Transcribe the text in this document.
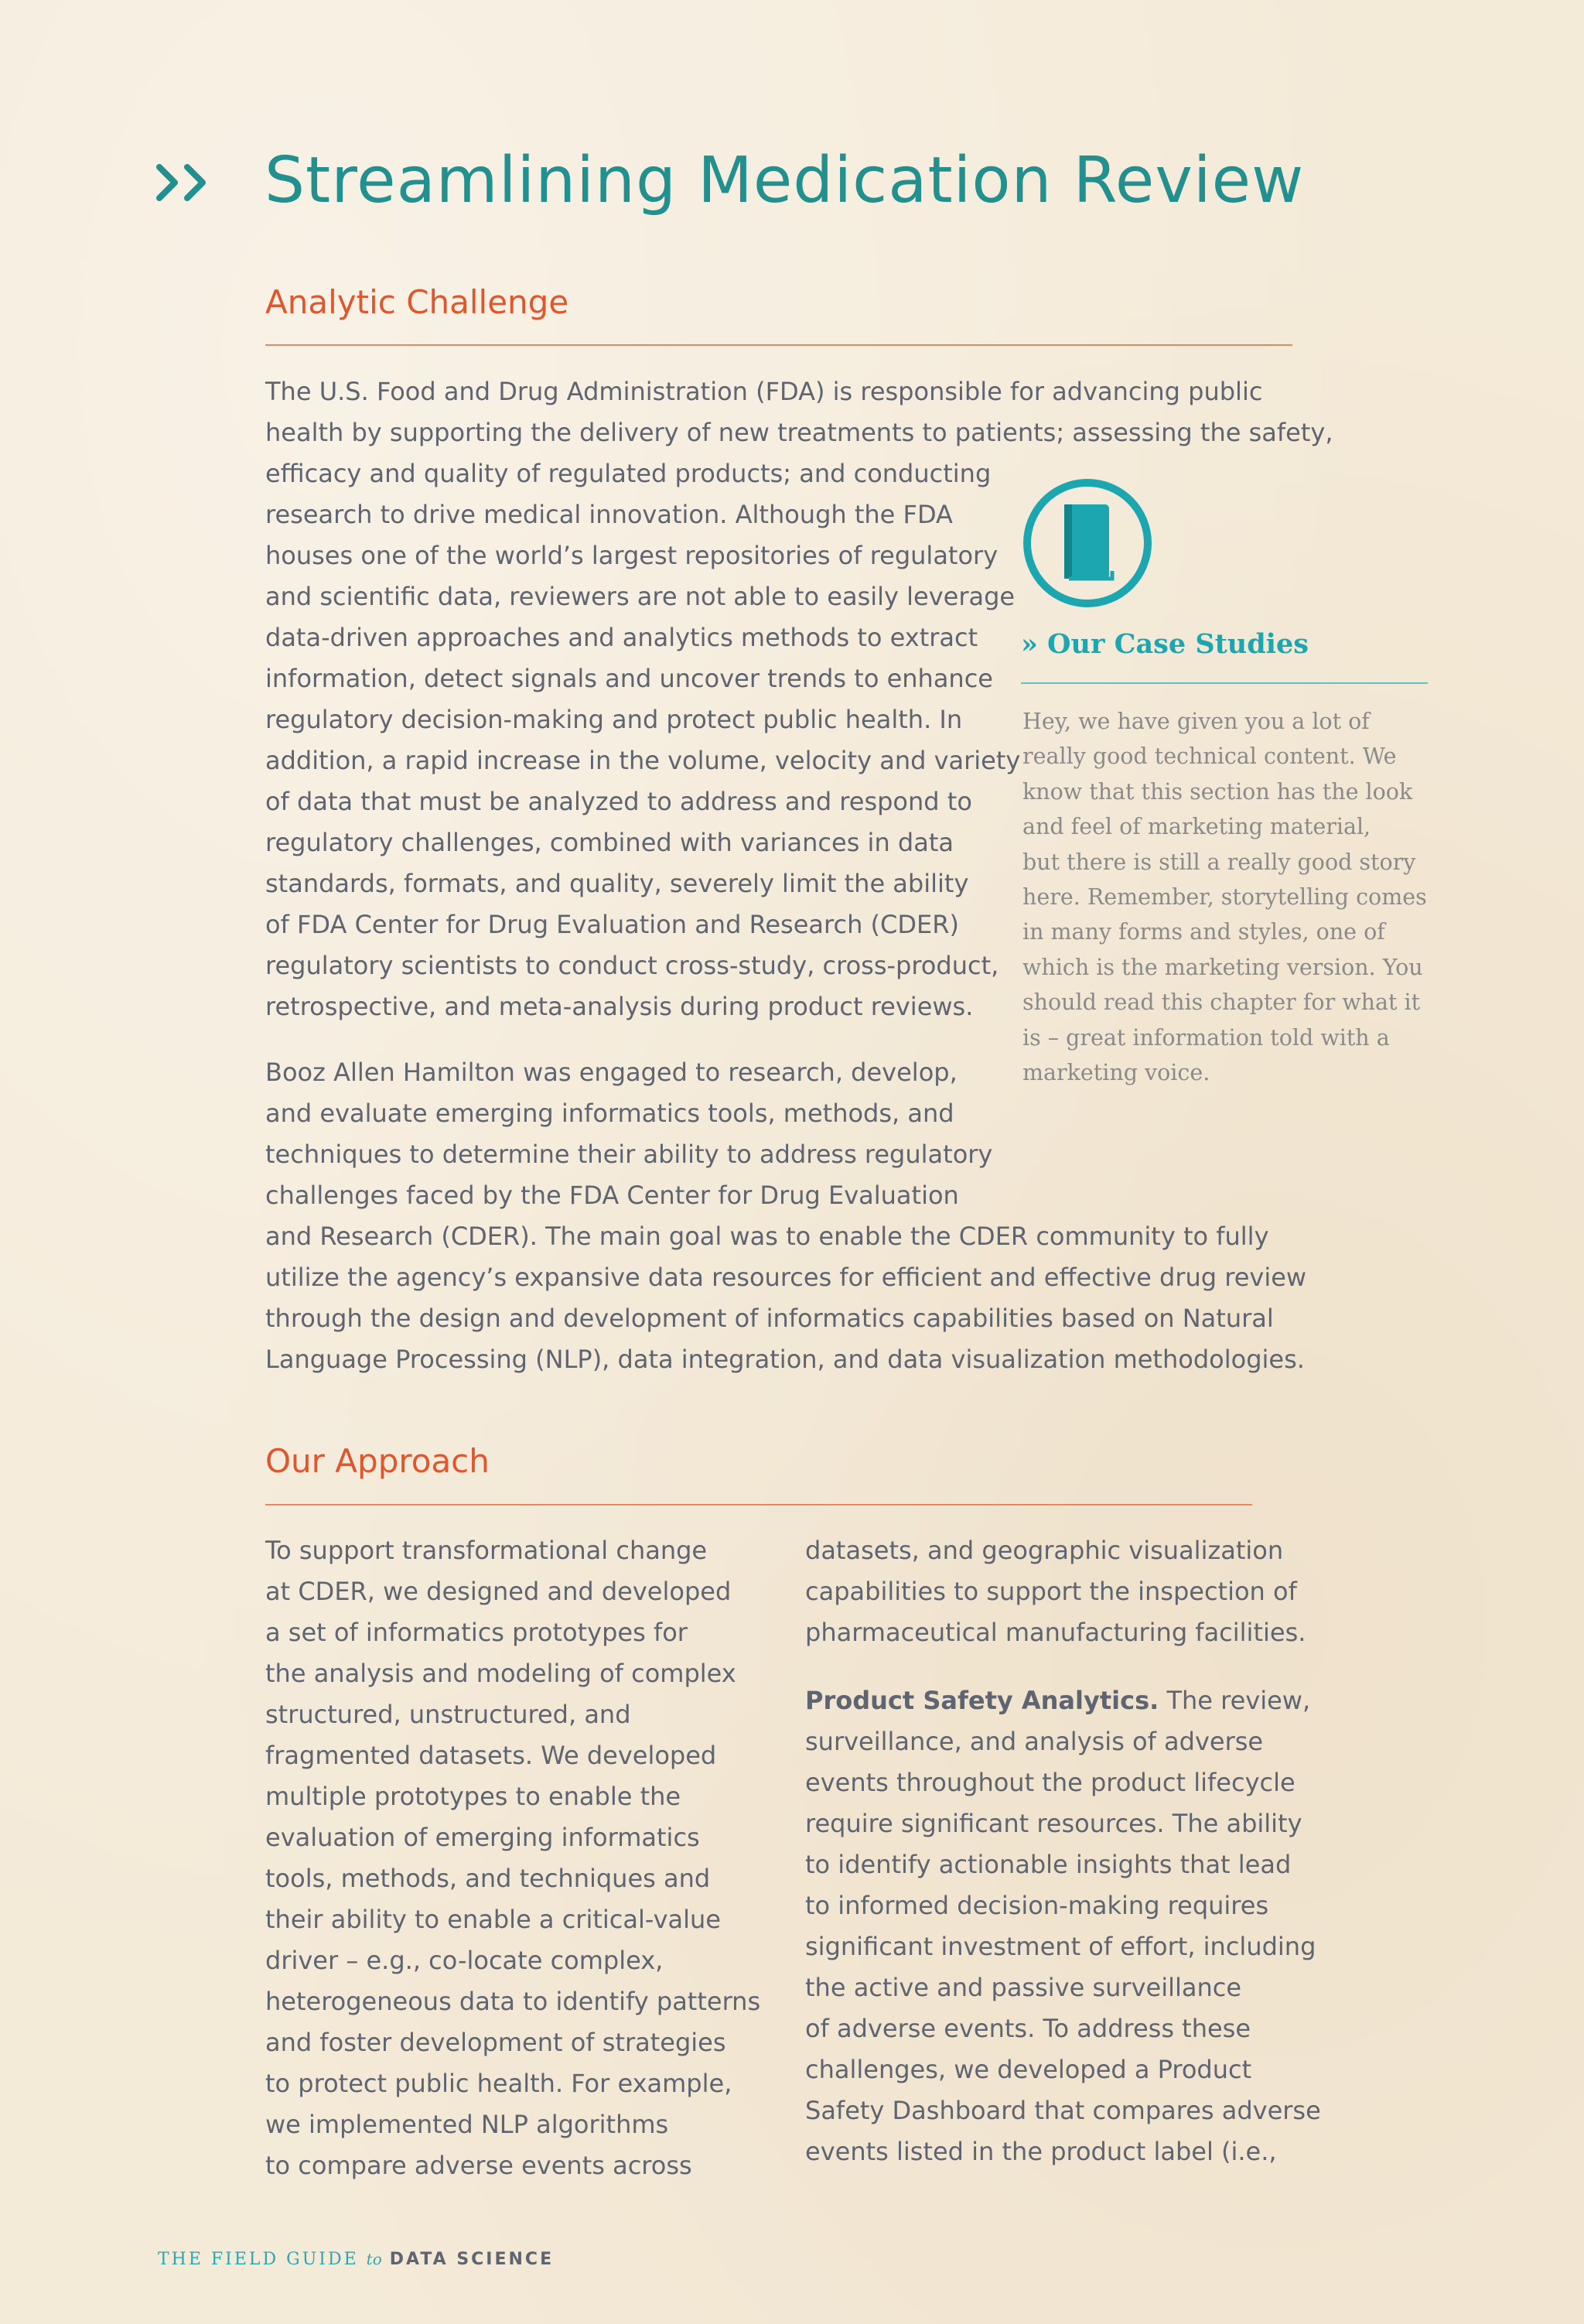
Streamlining Medication Review
Analytic Challenge

The U.S. Food and Drug Administration (FDA) is responsible for advancing public
health by supporting the delivery of new treatments to patients; assessing the safety,
efficacy and quality of regulated products; and conducting
research to drive medical innovation. Although the FDA
houses one of the world’s largest repositories of regulatory
and scientific data, reviewers are not able to easily leverage
data-driven approaches and analytics methods to extract
information, detect signals and uncover trends to enhance
regulatory decision-making and protect public health. In
addition, a rapid increase in the volume, velocity and variety
of data that must be analyzed to address and respond to
regulatory challenges, combined with variances in data
standards, formats, and quality, severely limit the ability
of FDA Center for Drug Evaluation and Research (CDER)
regulatory scientists to conduct cross-study, cross-product,
retrospective, and meta-analysis during product reviews.

Booz Allen Hamilton was engaged to research, develop,
and evaluate emerging informatics tools, methods, and
techniques to determine their ability to address regulatory
challenges faced by the FDA Center for Drug Evaluation
and Research (CDER). The main goal was to enable the CDER community to fully
utilize the agency’s expansive data resources for efficient and effective drug review
through the design and development of informatics capabilities based on Natural
Language Processing (NLP), data integration, and data visualization methodologies.

» Our Case Studies

Hey, we have given you a lot of
really good technical content. We
know that this section has the look
and feel of marketing material,
but there is still a really good story
here. Remember, storytelling comes
in many forms and styles, one of
which is the marketing version. You
should read this chapter for what it
is – great information told with a
marketing voice.

Our Approach

To support transformational change
at CDER, we designed and developed
a set of informatics prototypes for
the analysis and modeling of complex
structured, unstructured, and
fragmented datasets. We developed
multiple prototypes to enable the
evaluation of emerging informatics
tools, methods, and techniques and
their ability to enable a critical-value
driver – e.g., co-locate complex,
heterogeneous data to identify patterns
and foster development of strategies
to protect public health. For example,
we implemented NLP algorithms
to compare adverse events across

datasets, and geographic visualization
capabilities to support the inspection of
pharmaceutical manufacturing facilities.

Product Safety Analytics. The review,
surveillance, and analysis of adverse
events throughout the product lifecycle
require significant resources. The ability
to identify actionable insights that lead
to informed decision-making requires
significant investment of effort, including
the active and passive surveillance
of adverse events. To address these
challenges, we developed a Product
Safety Dashboard that compares adverse
events listed in the product label (i.e.,

THE FIELD GUIDE to DATA SCIENCE
